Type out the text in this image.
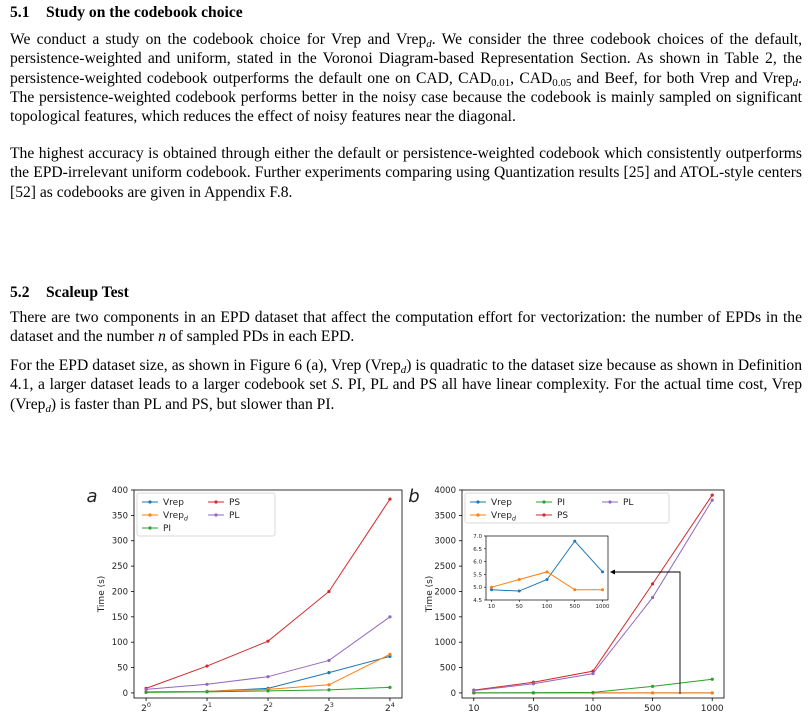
5.1 Study on the codebook choice

We conduct a study on the codebook choice for Vrep and Vrep$_d$. We consider the three codebook choices of the default, persistence-weighted and uniform, stated in the Voronoi Diagram-based Representation Section. As shown in Table 2, the persistence-weighted codebook outperforms the default one on CAD, $CAD_{0.01}$, $CAD_{0.05}$ and Beef, for both Vrep and Vrep$_d$. The persistence-weighted codebook performs better in the noisy case because the codebook is mainly sampled on significant topological features, which reduces the effect of noisy features near the diagonal.

The highest accuracy is obtained through either the default or persistence-weighted codebook which consistently outperforms the EPD-irrelevant uniform codebook. Further experiments comparing using Quantization results [25] and ATOL-style centers [52] as codebooks are given in Appendix F.8.

5.2 Scaleup Test

There are two components in an EPD dataset that affect the computation effort for vectorization: the number of EPDs in the dataset and the number n of sampled PDs in each EPD.

For the EPD dataset size, as shown in Figure 6 (a), Vrep (Vrep$_d$) is quadratic to the dataset size because as shown in Definition 4.1, a larger dataset leads to a larger codebook set S. PI, PL and PS all have linear complexity. For the actual time cost, Vrep (Vrep$_d$) is faster than PL and PS, but slower than PI.

0
50
100
150
200
250
300
350
400
$2^0$	$2^1$	$2^2$	$2^3$	$2^4$
Time (s)
a	Vrep
Vrep$_d$
PI
PS
PL
0
500
1000
1500
2000
2500
3000
3500
4000
10	50	100	500	1000
Time (s)
b	Vrep
Vrep$_d$
PI
PS
PL
4.5
5.0
5.5
6.0
6.5
7.0
10	50	100	500	1000
